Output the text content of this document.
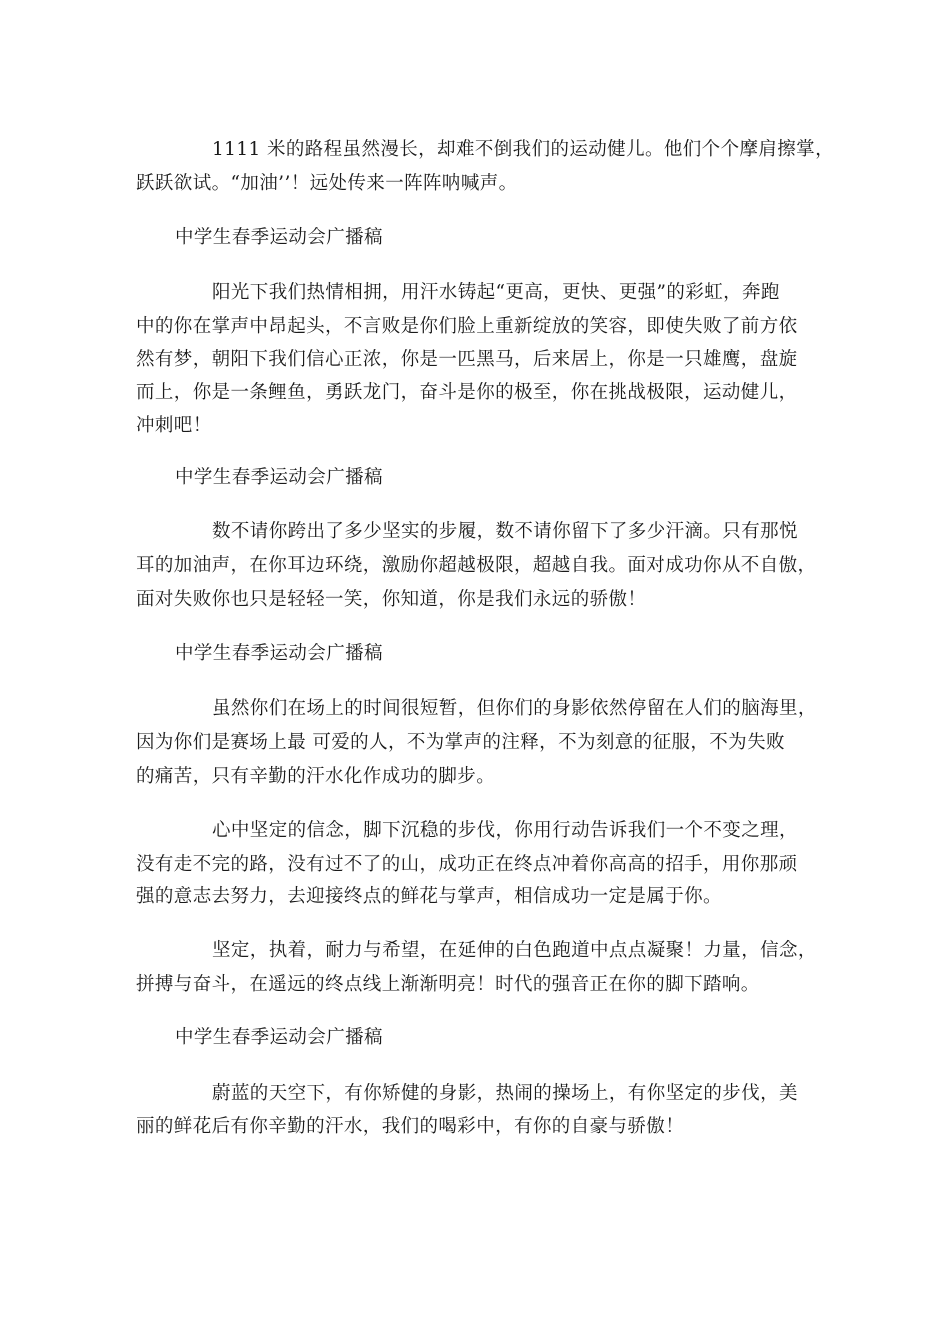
1111 米的路程虽然漫长，却难不倒我们的运动健儿。他们个个摩肩擦掌，
跃跃欲试。“加油’’！远处传来一阵阵呐喊声。
中学生春季运动会广播稿
阳光下我们热情相拥，用汗水铸起“更高，更快、更强”的彩虹，奔跑
中的你在掌声中昂起头，不言败是你们脸上重新绽放的笑容，即使失败了前方依
然有梦，朝阳下我们信心正浓，你是一匹黑马，后来居上，你是一只雄鹰，盘旋
而上，你是一条鲤鱼，勇跃龙门，奋斗是你的极至，你在挑战极限，运动健儿，
冲刺吧！
中学生春季运动会广播稿
数不请你跨出了多少坚实的步履，数不请你留下了多少汗滴。只有那悦
耳的加油声，在你耳边环绕，激励你超越极限，超越自我。面对成功你从不自傲，
面对失败你也只是轻轻一笑，你知道，你是我们永远的骄傲！
中学生春季运动会广播稿
虽然你们在场上的时间很短暂，但你们的身影依然停留在人们的脑海里，
因为你们是赛场上最 可爱的人，不为掌声的注释，不为刻意的征服，不为失败
的痛苦，只有辛勤的汗水化作成功的脚步。
心中坚定的信念，脚下沉稳的步伐，你用行动告诉我们一个不变之理，
没有走不完的路，没有过不了的山，成功正在终点冲着你高高的招手，用你那顽
强的意志去努力，去迎接终点的鲜花与掌声，相信成功一定是属于你。
坚定，执着，耐力与希望，在延伸的白色跑道中点点凝聚！力量，信念，
拼搏与奋斗，在遥远的终点线上渐渐明亮！时代的强音正在你的脚下踏响。
中学生春季运动会广播稿
蔚蓝的天空下，有你矫健的身影，热闹的操场上，有你坚定的步伐，美
丽的鲜花后有你辛勤的汗水，我们的喝彩中，有你的自豪与骄傲！
